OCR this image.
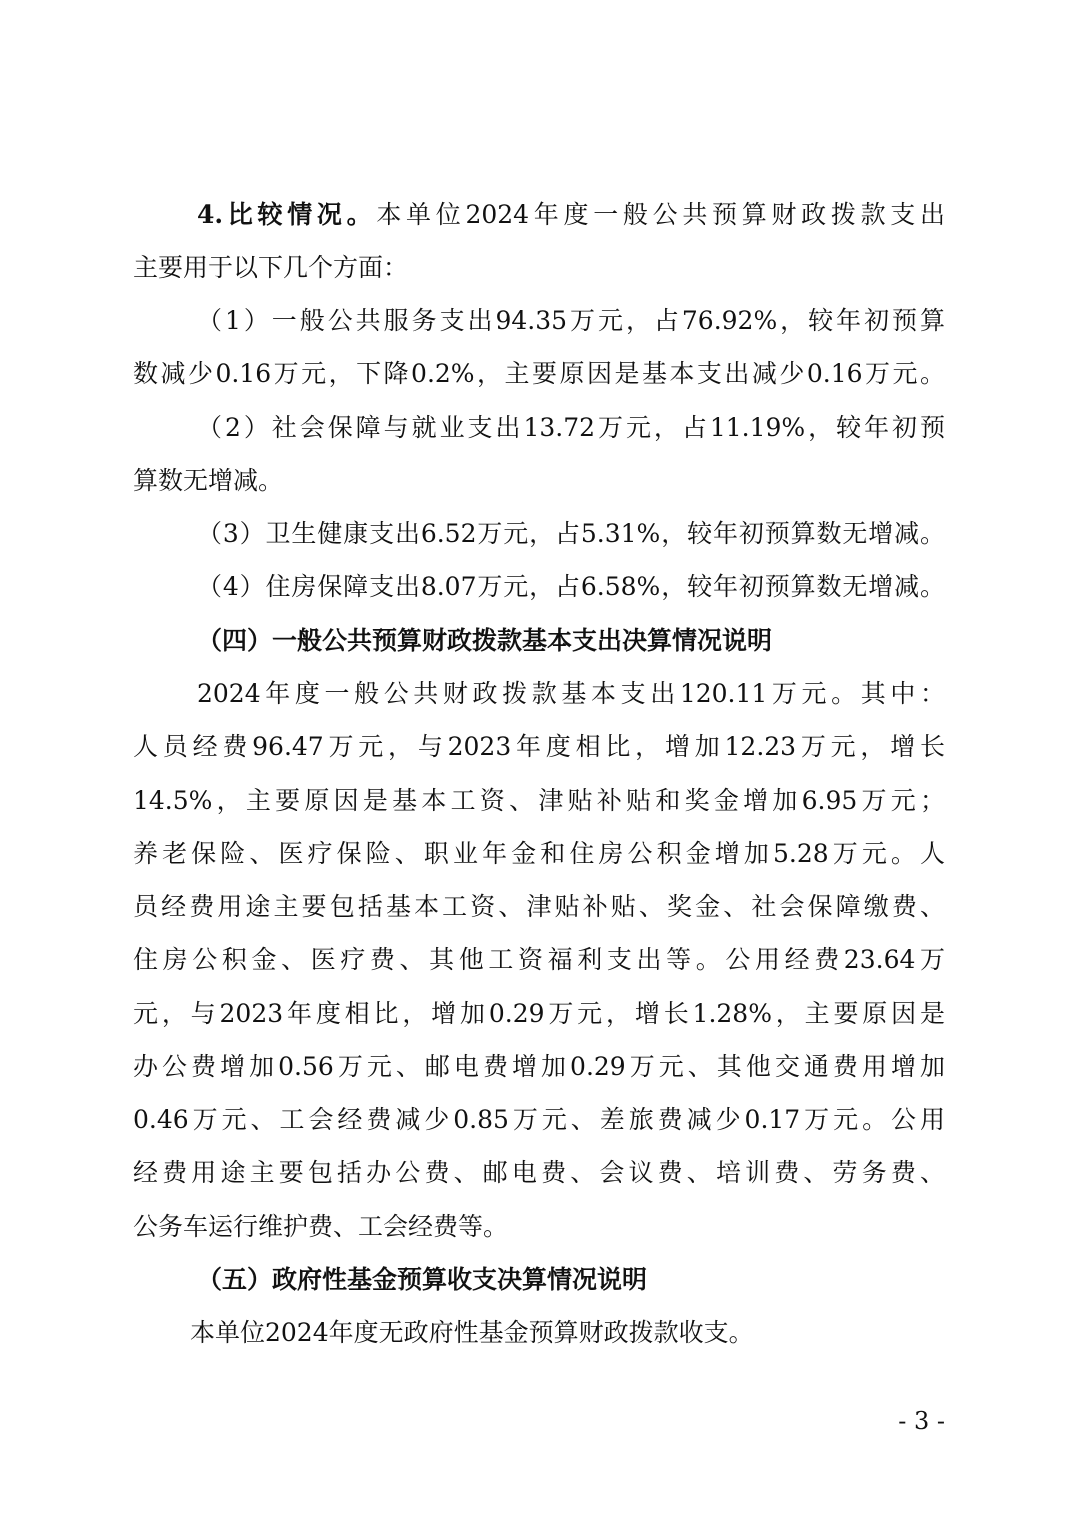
4.比较情况。本单位2024年度一般公共预算财政拨款支出
主要用于以下几个方面：
（1）一般公共服务支出94.35万元，占76.92%，较年初预算
数减少0.16万元，下降0.2%，主要原因是基本支出减少0.16万元。
（2）社会保障与就业支出13.72万元，占11.19%，较年初预
算数无增减。
（3）卫生健康支出6.52万元，占5.31%，较年初预算数无增减。
（4）住房保障支出8.07万元，占6.58%，较年初预算数无增减。
（四）一般公共预算财政拨款基本支出决算情况说明
2024年度一般公共财政拨款基本支出120.11万元。其中：
人员经费96.47万元，与2023年度相比，增加12.23万元，增长
14.5%，主要原因是基本工资、津贴补贴和奖金增加6.95万元；
养老保险、医疗保险、职业年金和住房公积金增加5.28万元。人
员经费用途主要包括基本工资、津贴补贴、奖金、社会保障缴费、
住房公积金、医疗费、其他工资福利支出等。公用经费23.64万
元，与2023年度相比，增加0.29万元，增长1.28%，主要原因是
办公费增加0.56万元、邮电费增加0.29万元、其他交通费用增加
0.46万元、工会经费减少0.85万元、差旅费减少0.17万元。公用
经费用途主要包括办公费、邮电费、会议费、培训费、劳务费、
公务车运行维护费、工会经费等。
（五）政府性基金预算收支决算情况说明
本单位2024年度无政府性基金预算财政拨款收支。
- 3 -
